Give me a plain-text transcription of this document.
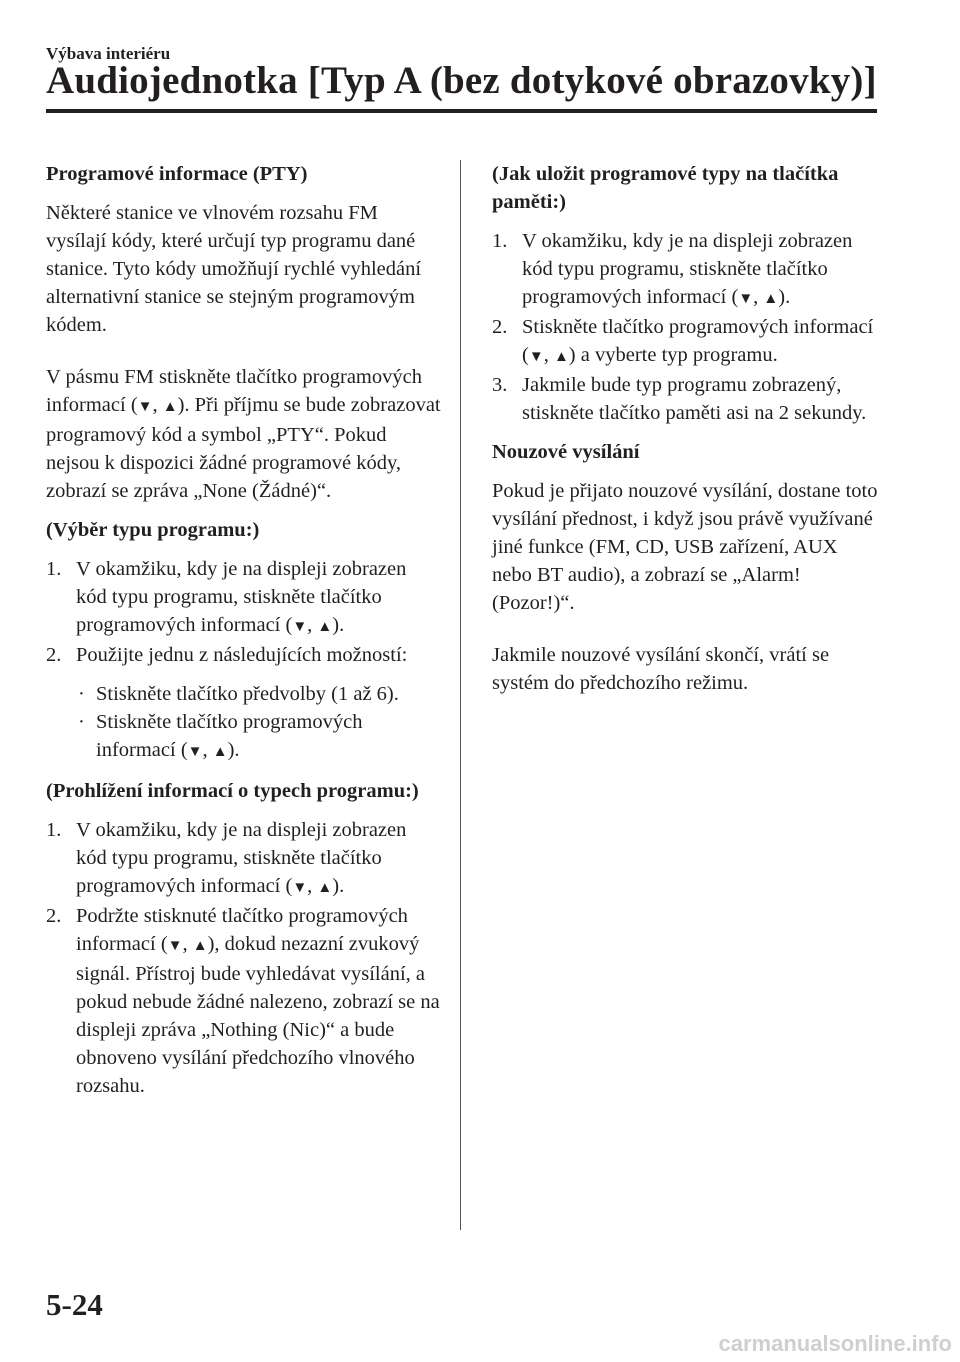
Výbava interiéru

Audiojednotka [Typ A (bez dotykové obrazovky)]

Programové informace (PTY)

Některé stanice ve vlnovém rozsahu FM vysílají kódy, které určují typ programu dané stanice. Tyto kódy umožňují rychlé vyhledání alternativní stanice se stejným programovým kódem.

V pásmu FM stiskněte tlačítko programových informací (▼, ▲). Při příjmu se bude zobrazovat programový kód a symbol „PTY“. Pokud nejsou k dispozici žádné programové kódy, zobrazí se zpráva „None (Žádné)“.

(Výběr typu programu:)

1. V okamžiku, kdy je na displeji zobrazen kód typu programu, stiskněte tlačítko programových informací (▼, ▲).
2. Použijte jednu z následujících možností:
· Stiskněte tlačítko předvolby (1 až 6).
· Stiskněte tlačítko programových informací (▼, ▲).

(Prohlížení informací o typech programu:)

1. V okamžiku, kdy je na displeji zobrazen kód typu programu, stiskněte tlačítko programových informací (▼, ▲).
2. Podržte stisknuté tlačítko programových informací (▼, ▲), dokud nezazní zvukový signál. Přístroj bude vyhledávat vysílání, a pokud nebude žádné nalezeno, zobrazí se na displeji zpráva „Nothing (Nic)“ a bude obnoveno vysílání předchozího vlnového rozsahu.

(Jak uložit programové typy na tlačítka paměti:)

1. V okamžiku, kdy je na displeji zobrazen kód typu programu, stiskněte tlačítko programových informací (▼, ▲).
2. Stiskněte tlačítko programových informací (▼, ▲) a vyberte typ programu.
3. Jakmile bude typ programu zobrazený, stiskněte tlačítko paměti asi na 2 sekundy.

Nouzové vysílání

Pokud je přijato nouzové vysílání, dostane toto vysílání přednost, i když jsou právě využívané jiné funkce (FM, CD, USB zařízení, AUX nebo BT audio), a zobrazí se „Alarm! (Pozor!)“.

Jakmile nouzové vysílání skončí, vrátí se systém do předchozího režimu.

5-24

carmanualsonline.info
